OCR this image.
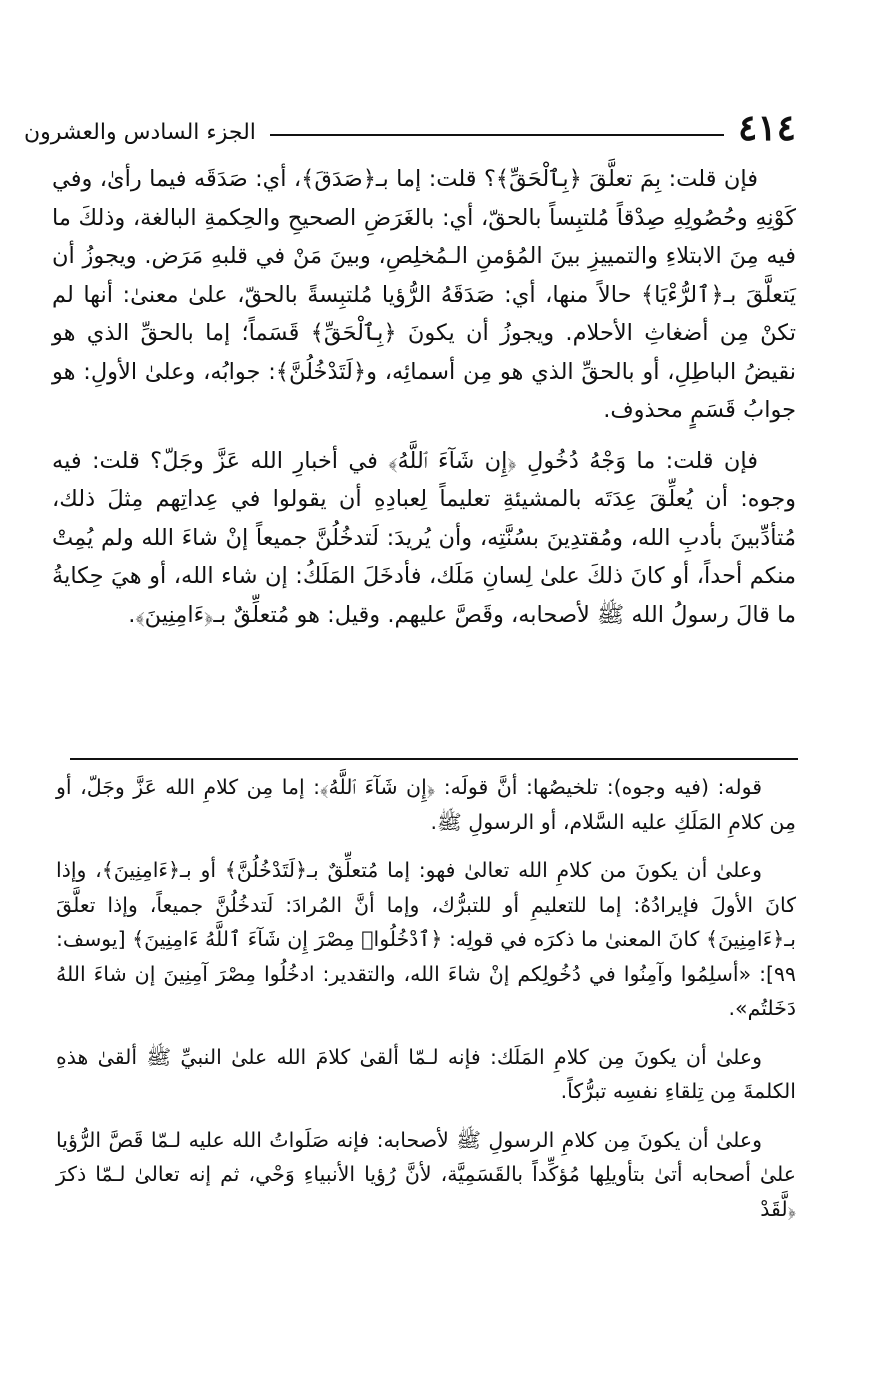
٤١٤
الجزء السادس والعشرون

فإن قلت: بِمَ تعلَّقَ ﴿بِٱلْحَقِّ﴾؟ قلت: إما بـ﴿صَدَقَ﴾، أي: صَدَقَه فيما رأىٰ، وفي كَوْنِهِ وحُصُولِهِ صِدْقاً مُلتبِساً بالحقّ، أي: بالغَرَضِ الصحيحِ والحِكمةِ البالغة، وذلكَ ما فيه مِنَ الابتلاءِ والتمييزِ بينَ المُؤمنِ الـمُخلِصِ، وبينَ مَنْ في قلبهِ مَرَض. ويجوزُ أن يَتعلَّقَ بـ﴿ٱلرُّءْيَا﴾ حالاً منها، أي: صَدَقَهُ الرُّؤيا مُلتبِسةً بالحقّ، علىٰ معنىٰ: أنها لم تكنْ مِن أضغاثِ الأحلام. ويجوزُ أن يكونَ ﴿بِٱلْحَقِّ﴾ قَسَماً؛ إما بالحقِّ الذي هو نقيضُ الباطِلِ، أو بالحقِّ الذي هو مِن أسمائِه، و﴿لَتَدْخُلُنَّ﴾: جوابُه، وعلىٰ الأولِ: هو جوابُ قَسَمٍ محذوف.

فإن قلت: ما وَجْهُ دُخُولِ ﴿إِن شَآءَ ٱللَّهُ﴾ في أخبارِ الله عَزَّ وجَلّ؟ قلت: فيه وجوه: أن يُعلِّقَ عِدَتَه بالمشيئةِ تعليماً لِعبادِهِ أن يقولوا في عِداتِهم مِثلَ ذلك، مُتأدِّبينَ بأدبِ الله، ومُقتدِينَ بسُنَّتِه، وأن يُريدَ: لَتدخُلُنَّ جميعاً إنْ شاءَ الله ولم يُمِتْ منكم أحداً، أو كانَ ذلكَ علىٰ لِسانِ مَلَك، فأدخَلَ المَلَكُ: إن شاء الله، أو هيَ حِكايةُ ما قالَ رسولُ الله ﷺ لأصحابه، وقَصَّ عليهم. وقيل: هو مُتعلِّقٌ بـ﴿ءَامِنِينَ﴾.

قوله: (فيه وجوه): تلخيصُها: أنَّ قولَه: ﴿إِن شَآءَ ٱللَّهُ﴾: إما مِن كلامِ الله عَزَّ وجَلّ، أو مِن كلامِ المَلَكِ عليه السَّلام، أو الرسولِ ﷺ.

وعلىٰ أن يكونَ من كلامِ الله تعالىٰ فهو: إما مُتعلِّقٌ بـ﴿لَتَدْخُلُنَّ﴾ أو بـ﴿ءَامِنِينَ﴾، وإذا كانَ الأولَ فإيرادُهُ: إما للتعليمِ أو للتبرُّك، وإما أنَّ المُرادَ: لَتدخُلُنَّ جميعاً، وإذا تعلَّقَ بـ﴿ءَامِنِينَ﴾ كانَ المعنىٰ ما ذكرَه في قولِه: ﴿ٱدْخُلُوا۟ مِصْرَ إِن شَآءَ ٱللَّهُ ءَامِنِينَ﴾ [يوسف: ٩٩]: «أسلِمُوا وآمِنُوا في دُخُولِكم إنْ شاءَ الله، والتقدير: ادخُلُوا مِصْرَ آمِنِينَ إن شاءَ اللهُ دَخَلتُم».

وعلىٰ أن يكونَ مِن كلامِ المَلَك: فإنه لـمّا ألقىٰ كلامَ الله علىٰ النبيِّ ﷺ ألقىٰ هذهِ الكلمةَ مِن تِلقاءِ نفسِه تبرُّكاً.

وعلىٰ أن يكونَ مِن كلامِ الرسولِ ﷺ لأصحابه: فإنه صَلَواتُ الله عليه لـمّا قَصَّ الرُّؤيا علىٰ أصحابه أتىٰ بتأويلِها مُؤكِّداً بالقَسَمِيَّة، لأنَّ رُؤيا الأنبياءِ وَحْي، ثم إنه تعالىٰ لـمّا ذكرَ ﴿لَّقَدْ
